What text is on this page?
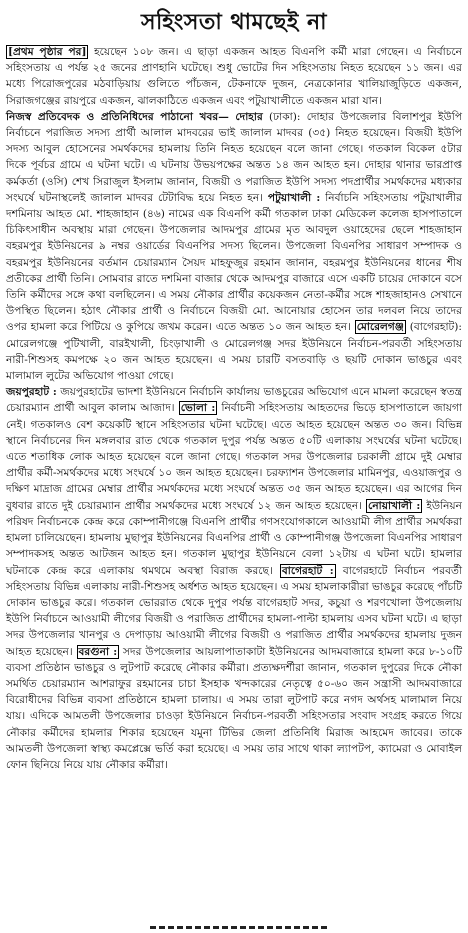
সহিংসতা থামছেই না

[প্রথম পৃষ্ঠার পর] হয়েছেন ১০৮ জন। এ ছাড়া একজন আহত বিএনপি কর্মী মারা গেছেন। এ নির্বাচনে সহিংসতায় এ পর্যন্ত ২৫ জনের প্রাণহানি ঘটেছে। শুধু ভোটের দিন সহিংসতায় নিহত হয়েছেন ১১ জন। এর মধ্যে পিরোজপুরের মঠবাড়িয়ায় গুলিতে পাঁচজন, টেকনাফে দুজন, নেত্রকোনার খালিয়াজুড়িতে একজন, সিরাজগঞ্জের রায়পুরে একজন, ঝালকাঠিতে একজন এবং পটুয়াখালীতে একজন মারা যান।
নিজস্ব প্রতিবেদক ও প্রতিনিধিদের পাঠানো খবর— দোহার (ঢাকা): দোহার উপজেলার বিলাশপুর ইউপি নির্বাচনে পরাজিত সদস্য প্রার্থী আলাল মাদবরের ভাই জালাল মাদবর (৩৫) নিহত হয়েছেন। বিজয়ী ইউপি সদস্য আবুল হোসেনের সমর্থকদের হামলায় তিনি নিহত হয়েছেন বলে জানা গেছে। গতকাল বিকেল ৫টার দিকে পূর্বচর গ্রামে এ ঘটনা ঘটে। এ ঘটনায় উভয়পক্ষের অন্তত ১৪ জন আহত হন। দোহার থানার ভারপ্রাপ্ত কর্মকর্তা (ওসি) শেখ সিরাজুল ইসলাম জানান, বিজয়ী ও পরাজিত ইউপি সদস্য পদপ্রার্থীর সমর্থকদের মধ্যকার সংঘর্ষে ঘটনাস্থলেই জালাল মাদবর টেটাবিদ্ধ হয়ে নিহত হন। পটুয়াখালী : নির্বাচনি সহিংসতায় পটুয়াখালীর দশমিনায় আহত মো. শাহজাহান (৪৬) নামের এক বিএনপি কর্মী গতকাল ঢাকা মেডিকেল কলেজ হাসপাতালে চিকিৎসাধীন অবস্থায় মারা গেছেন। উপজেলার আদমপুর গ্রামের মৃত আবদুল ওয়াহেদের ছেলে শাহজাহান বহরমপুর ইউনিয়নের ৯ নম্বর ওয়ার্ডের বিএনপির সদস্য ছিলেন। উপজেলা বিএনপির সাধারণ সম্পাদক ও বহরমপুর ইউনিয়নের বর্তমান চেয়ারম্যান সৈয়দ মাহফুজুর রহমান জানান, বহরমপুর ইউনিয়নের ধানের শীষ প্রতীকের প্রার্থী তিনি। সোমবার রাতে দশমিনা বাজার থেকে আদমপুর বাজারে এসে একটি চায়ের দোকানে বসে তিনি কর্মীদের সঙ্গে কথা বলছিলেন। এ সময় নৌকার প্রার্থীর কয়েকজন নেতা-কর্মীর সঙ্গে শাহজাহানও সেখানে উপস্থিত ছিলেন। হঠাৎ নৌকার প্রার্থী ও নির্বাচনে বিজয়ী মো. আনোয়ার হোসেন তার দলবল নিয়ে তাদের ওপর হামলা করে পিটিয়ে ও কুপিয়ে জখম করেন। এতে অন্তত ১০ জন আহত হন। মোরেলগঞ্জ (বাগেরহাট): মোরেলগঞ্জে পুটিখালী, বারইখালী, চিংড়াখালী ও মোরেলগঞ্জ সদর ইউনিয়নে নির্বাচন-পরবর্তী সহিংসতায় নারী-শিশুসহ কমপক্ষে ২০ জন আহত হয়েছেন। এ সময় চারটি বসতবাড়ি ও ছয়টি দোকান ভাঙচুর এবং মালামাল লুটের অভিযোগ পাওয়া গেছে।
জয়পুরহাট : জয়পুরহাটের ভাদশা ইউনিয়নে নির্বাচনি কার্যালয় ভাঙচুরের অভিযোগ এনে মামলা করেছেন স্বতন্ত্র চেয়ারম্যান প্রার্থী আবুল কালাম আজাদ। ভোলা : নির্বাচনী সহিংসতায় আহতদের ভিড়ে হাসপাতালে জায়গা নেই। গতকালও বেশ কয়েকটি স্থানে সহিংসতার ঘটনা ঘটেছে। এতে আহত হয়েছেন অন্তত ৩০ জন। বিভিন্ন স্থানে নির্বাচনের দিন মঙ্গলবার রাত থেকে গতকাল দুপুর পর্যন্ত অন্তত ৫০টি এলাকায় সংঘর্ষের ঘটনা ঘটেছে। এতে শতাধিক লোক আহত হয়েছেন বলে জানা গেছে। গতকাল সদর উপজেলার চরকালী গ্রামে দুই মেম্বার প্রার্থীর কর্মী-সমর্থকদের মধ্যে সংঘর্ষে ১০ জন আহত হয়েছেন। চরফ্যাশন উপজেলার মামিনপুর, এওয়াজপুর ও দক্ষিণ মাদ্রাজ গ্রামের মেম্বার প্রার্থীর সমর্থকদের মধ্যে সংঘর্ষে অন্তত ৩৫ জন আহত হয়েছেন। এর আগের দিন বুধবার রাতে দুই চেয়ারম্যান প্রার্থীর সমর্থকদের মধ্যে সংঘর্ষে ১২ জন আহত হয়েছেন। নোয়াখালী : ইউনিয়ন পরিষদ নির্বাচনকে কেন্দ্র করে কোম্পানীগঞ্জে বিএনপি প্রার্থীর গণসংযোগকালে আওয়ামী লীগ প্রার্থীর সমর্থকরা হামলা চালিয়েছেন। হামলায় মুছাপুর ইউনিয়নের বিএনপির প্রার্থী ও কোম্পানীগঞ্জ উপজেলা বিএনপির সাধারণ সম্পাদকসহ অন্তত আটজন আহত হন। গতকাল মুছাপুর ইউনিয়নে বেলা ১২টায় এ ঘটনা ঘটে। হামলার ঘটনাকে কেন্দ্র করে এলাকায় থমথমে অবস্থা বিরাজ করছে। বাগেরহাট : বাগেরহাটে নির্বাচন পরবর্তী সহিংসতায় বিভিন্ন এলাকায় নারী-শিশুসহ অর্ধশত আহত হয়েছেন। এ সময় হামলাকারীরা ভাঙচুর করেছে পাঁচটি দোকান ভাঙচুর করে। গতকাল ভোররাত থেকে দুপুর পর্যন্ত বাগেরহাট সদর, কচুয়া ও শরণখোলা উপজেলায় ইউপি নির্বাচনে আওয়ামী লীগের বিজয়ী ও পরাজিত প্রার্থীদের হামলা-পাল্টা হামলায় এসব ঘটনা ঘটে। এ ছাড়া সদর উপজেলার খানপুর ও দেপাড়ায় আওয়ামী লীগের বিজয়ী ও পরাজিত প্রার্থীর সমর্থকদের হামলায় দুজন আহত হয়েছেন। বরগুনা : সদর উপজেলার আয়লাপাতাকাটা ইউনিয়নের আদমবাজারে হামলা করে ৮-১০টি ব্যবসা প্রতিষ্ঠান ভাঙচুর ও লুটপাট করেছে নৌকার কর্মীরা। প্রত্যক্ষদর্শীরা জানান, গতকাল দুপুরের দিকে নৌকা সমর্থিত চেয়ারম্যান আশরাফুর রহমানের চাচা ইসহাক খন্দকারের নেতৃত্বে ৫০-৬০ জন সন্ত্রাসী আদমবাজারে বিরোধীদের বিভিন্ন ব্যবসা প্রতিষ্ঠানে হামলা চালায়। এ সময় তারা লুটপাট করে নগদ অর্থসহ মালামাল নিয়ে যায়। এদিকে আমতলী উপজেলার চাওড়া ইউনিয়নে নির্বাচন-পরবর্তী সহিংসতার সংবাদ সংগ্রহ করতে গিয়ে নৌকার কর্মীদের হামলার শিকার হয়েছেন যমুনা টিভির জেলা প্রতিনিধি মিরাজ আহমেদ জাবের। তাকে আমতলী উপজেলা স্বাস্থ্য কমপ্লেক্সে ভর্তি করা হয়েছে। এ সময় তার সাথে থাকা ল্যাপটপ, ক্যামেরা ও মোবাইল ফোন ছিনিয়ে নিয়ে যায় নৌকার কর্মীরা।
